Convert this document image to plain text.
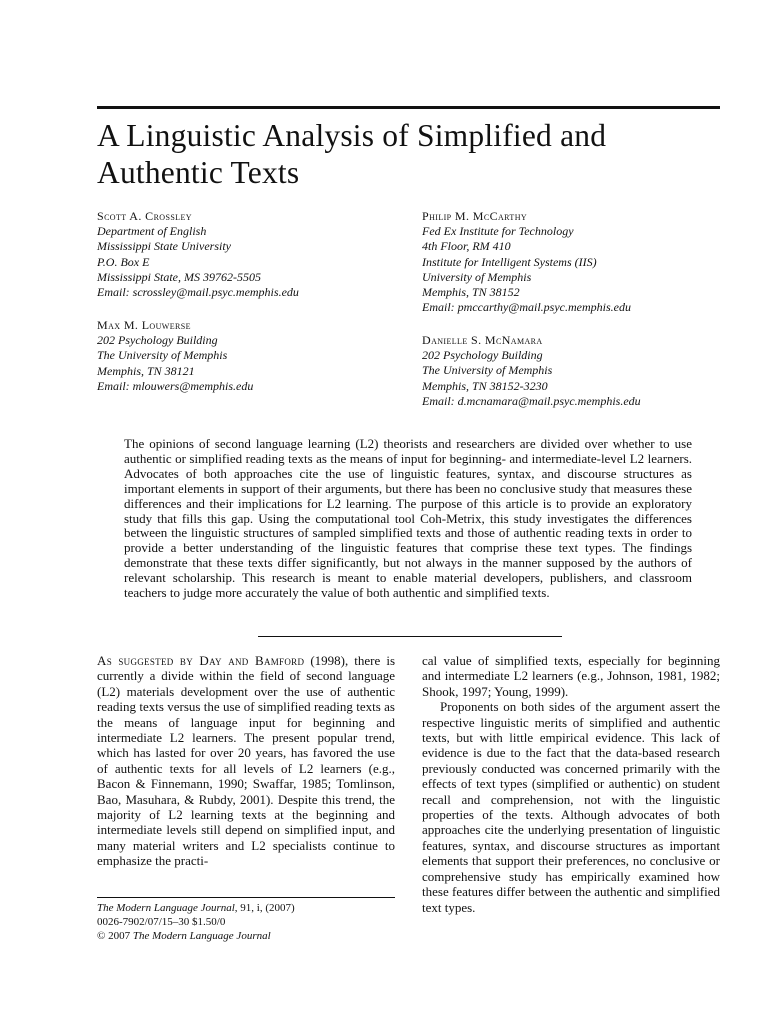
A Linguistic Analysis of Simplified and Authentic Texts
Scott A. Crossley
Department of English
Mississippi State University
P.O. Box E
Mississippi State, MS 39762-5505
Email: scrossley@mail.psyc.memphis.edu
Philip M. McCarthy
Fed Ex Institute for Technology
4th Floor, RM 410
Institute for Intelligent Systems (IIS)
University of Memphis
Memphis, TN 38152
Email: pmccarthy@mail.psyc.memphis.edu
Max M. Louwerse
202 Psychology Building
The University of Memphis
Memphis, TN 38121
Email: mlouwers@memphis.edu
Danielle S. McNamara
202 Psychology Building
The University of Memphis
Memphis, TN 38152-3230
Email: d.mcnamara@mail.psyc.memphis.edu
The opinions of second language learning (L2) theorists and researchers are divided over whether to use authentic or simplified reading texts as the means of input for beginning- and intermediate-level L2 learners. Advocates of both approaches cite the use of linguistic features, syntax, and discourse structures as important elements in support of their arguments, but there has been no conclusive study that measures these differences and their implications for L2 learning. The purpose of this article is to provide an exploratory study that fills this gap. Using the computational tool Coh-Metrix, this study investigates the differences between the linguistic structures of sampled simplified texts and those of authentic reading texts in order to provide a better understanding of the linguistic features that comprise these text types. The findings demonstrate that these texts differ significantly, but not always in the manner supposed by the authors of relevant scholarship. This research is meant to enable material developers, publishers, and classroom teachers to judge more accurately the value of both authentic and simplified texts.

As suggested by Day and Bamford (1998), there is currently a divide within the field of second language (L2) materials development over the use of authentic reading texts versus the use of simplified reading texts as the means of language input for beginning and intermediate L2 learners. The present popular trend, which has lasted for over 20 years, has favored the use of authentic texts for all levels of L2 learners (e.g., Bacon & Finnemann, 1990; Swaffar, 1985; Tomlinson, Bao, Masuhara, & Rubdy, 2001). Despite this trend, the majority of L2 learning texts at the beginning and intermediate levels still depend on simplified input, and many material writers and L2 specialists continue to emphasize the practi-

cal value of simplified texts, especially for beginning and intermediate L2 learners (e.g., Johnson, 1981, 1982; Shook, 1997; Young, 1999).

Proponents on both sides of the argument assert the respective linguistic merits of simplified and authentic texts, but with little empirical evidence. This lack of evidence is due to the fact that the data-based research previously conducted was concerned primarily with the effects of text types (simplified or authentic) on student recall and comprehension, not with the linguistic properties of the texts. Although advocates of both approaches cite the underlying presentation of linguistic features, syntax, and discourse structures as important elements that support their preferences, no conclusive or comprehensive study has empirically examined how these features differ between the authentic and simplified text types.

The Modern Language Journal, 91, i, (2007)
0026-7902/07/15–30 $1.50/0
© 2007 The Modern Language Journal
